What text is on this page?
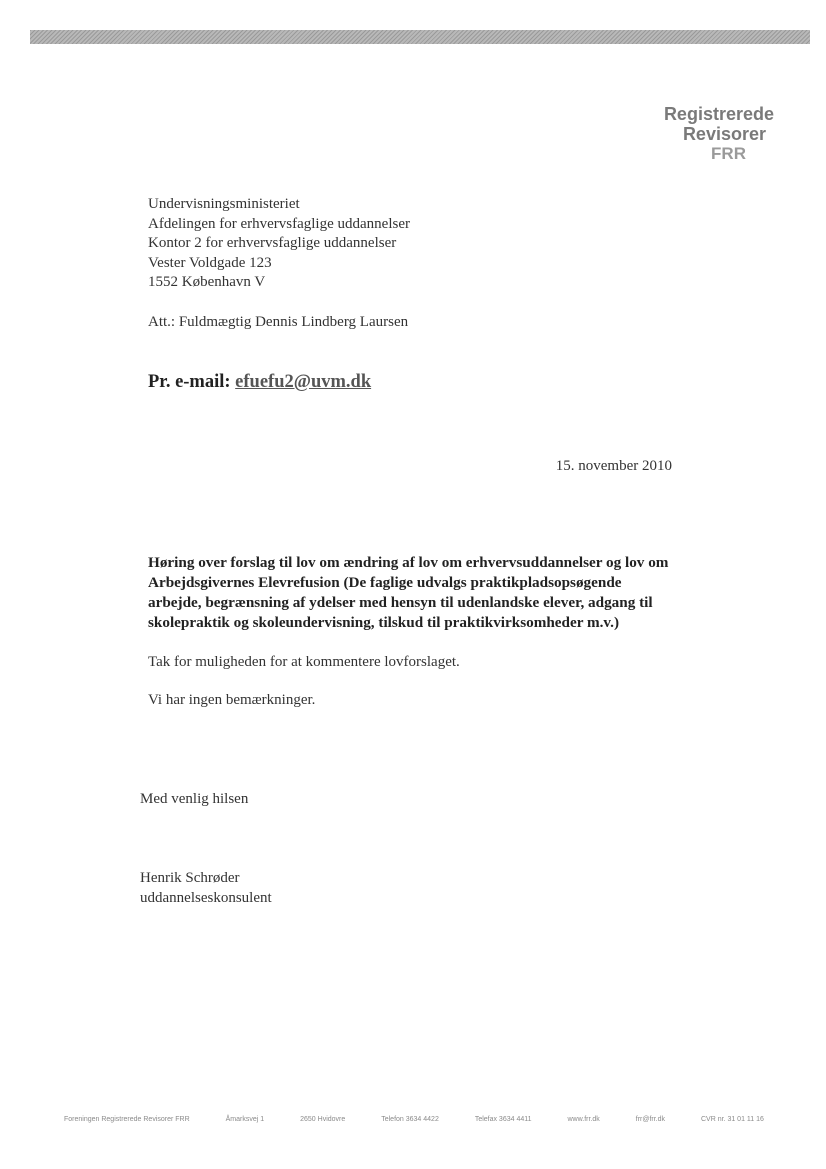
Registrerede
Revisorer
FRR
Undervisningsministeriet
Afdelingen for erhvervsfaglige uddannelser
Kontor 2 for erhvervsfaglige uddannelser
Vester Voldgade 123
1552 København V
Att.: Fuldmægtig Dennis Lindberg Laursen
Pr. e-mail: efuefu2@uvm.dk
15. november 2010
Høring over forslag til lov om ændring af lov om erhvervsuddannelser og lov om Arbejdsgivernes Elevrefusion (De faglige udvalgs praktikpladsopsøgende arbejde, begrænsning af ydelser med hensyn til udenlandske elever, adgang til skolepraktik og skoleundervisning, tilskud til praktikvirksomheder m.v.)
Tak for muligheden for at kommentere lovforslaget.
Vi har ingen bemærkninger.
Med venlig hilsen
Henrik Schrøder
uddannelseskonsulent
Foreningen Registrerede Revisorer FRR	Åmarksvej 1	2650 Hvidovre	Telefon 3634 4422	Telefax 3634 4411	www.frr.dk	frr@frr.dk	CVR nr. 31 01 11 16
